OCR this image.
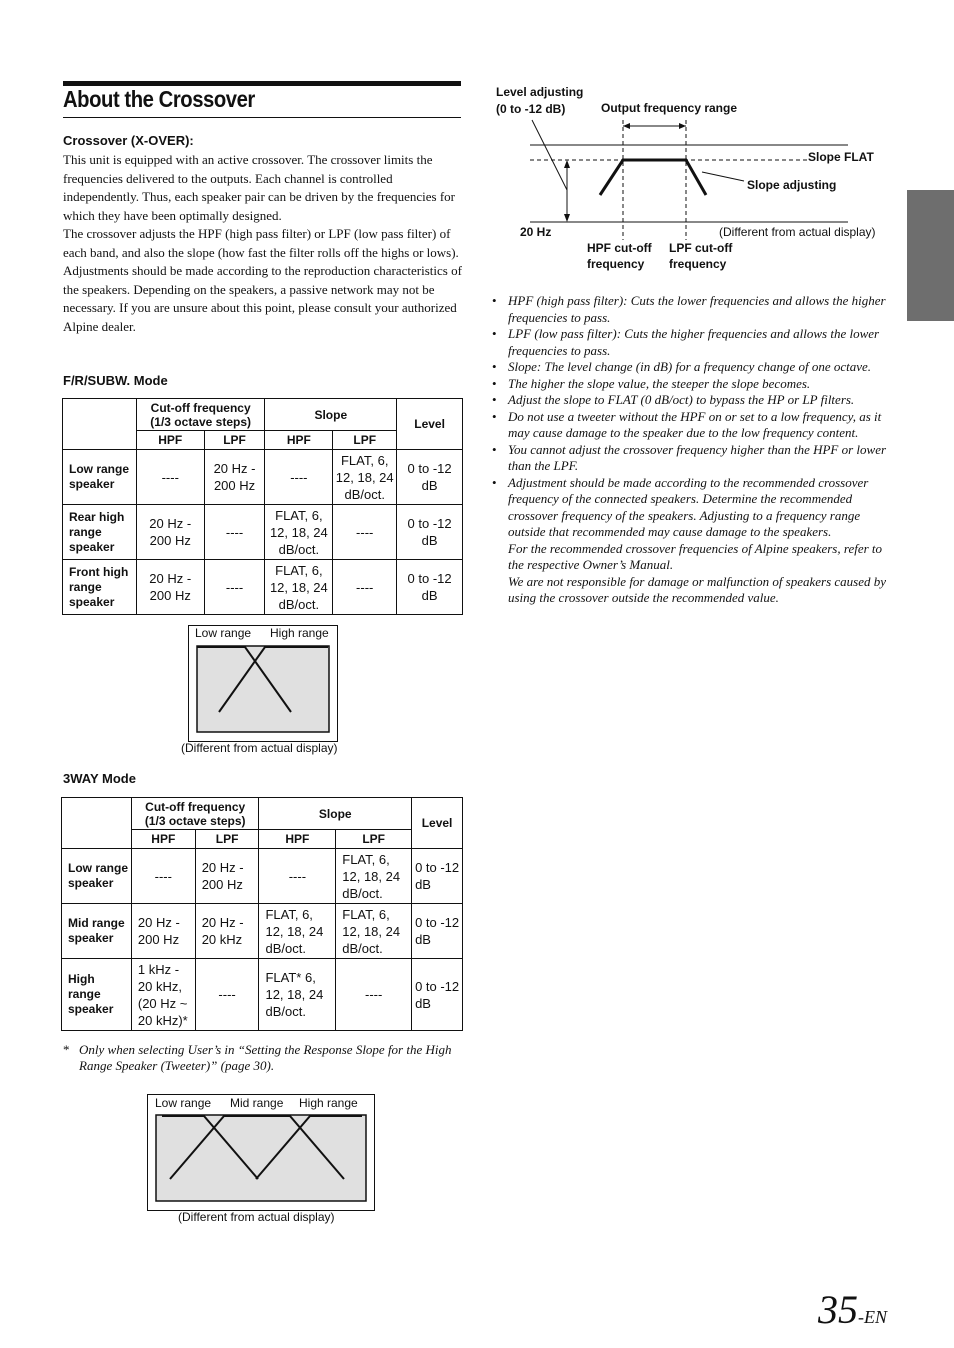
About the Crossover
Crossover (X-OVER):

This unit is equipped with an active crossover. The crossover limits the frequencies delivered to the outputs. Each channel is controlled independently. Thus, each speaker pair can be driven by the frequencies for which they have been optimally designed.

The crossover adjusts the HPF (high pass filter) or LPF (low pass filter) of each band, and also the slope (how fast the filter rolls off the highs or lows).

Adjustments should be made according to the reproduction characteristics of the speakers. Depending on the speakers, a passive network may not be necessary. If you are unsure about this point, please consult your authorized Alpine dealer.

F/R/SUBW. Mode
	Cut-off frequency (1/3 octave steps)		Slope		Level
	HPF	LPF	HPF	LPF	
Low range speaker	----	20 Hz - 200 Hz	----	FLAT, 6, 12, 18, 24 dB/oct.	0 to -12 dB
Rear high range speaker	20 Hz - 200 Hz	----	FLAT, 6, 12, 18, 24 dB/oct.	----	0 to -12 dB
Front high range speaker	20 Hz - 200 Hz	----	FLAT, 6, 12, 18, 24 dB/oct.	----	0 to -12 dB
Low range High range
(Different from actual display)
3WAY Mode
	Cut-off frequency (1/3 octave steps)		Slope		Level
	HPF	LPF	HPF	LPF	
Low range speaker	----	20 Hz - 200 Hz	----	FLAT, 6, 12, 18, 24 dB/oct.	0 to -12 dB
Mid range speaker	20 Hz - 200 Hz	20 Hz - 20 kHz	FLAT, 6, 12, 18, 24 dB/oct.	FLAT, 6, 12, 18, 24 dB/oct.	0 to -12 dB
High range speaker	1 kHz - 20 kHz, (20 Hz ~ 20 kHz)*	----	FLAT* 6, 12, 18, 24 dB/oct.	----	0 to -12 dB
* Only when selecting User’s in “Setting the Response Slope for the High Range Speaker (Tweeter)” (page 30).
Low range Mid range High range
(Different from actual display)
Level adjusting
(0 to -12 dB)	Output frequency range
Slope FLAT
Slope adjusting
20 Hz	(Different from actual display)
HPF cut-off
frequency
LPF cut-off
frequency
• HPF (high pass filter): Cuts the lower frequencies and allows the higher frequencies to pass.
• LPF (low pass filter): Cuts the higher frequencies and allows the lower frequencies to pass.
• Slope: The level change (in dB) for a frequency change of one octave.
• The higher the slope value, the steeper the slope becomes.
• Adjust the slope to FLAT (0 dB/oct) to bypass the HP or LP filters.
• Do not use a tweeter without the HPF on or set to a low frequency, as it may cause damage to the speaker due to the low frequency content.
• You cannot adjust the crossover frequency higher than the HPF or lower than the LPF.
• Adjustment should be made according to the recommended crossover frequency of the connected speakers. Determine the recommended crossover frequency of the speakers. Adjusting to a frequency range outside that recommended may cause damage to the speakers.
For the recommended crossover frequencies of Alpine speakers, refer to the respective Owner’s Manual.
We are not responsible for damage or malfunction of speakers caused by using the crossover outside the recommended value.
35-EN
